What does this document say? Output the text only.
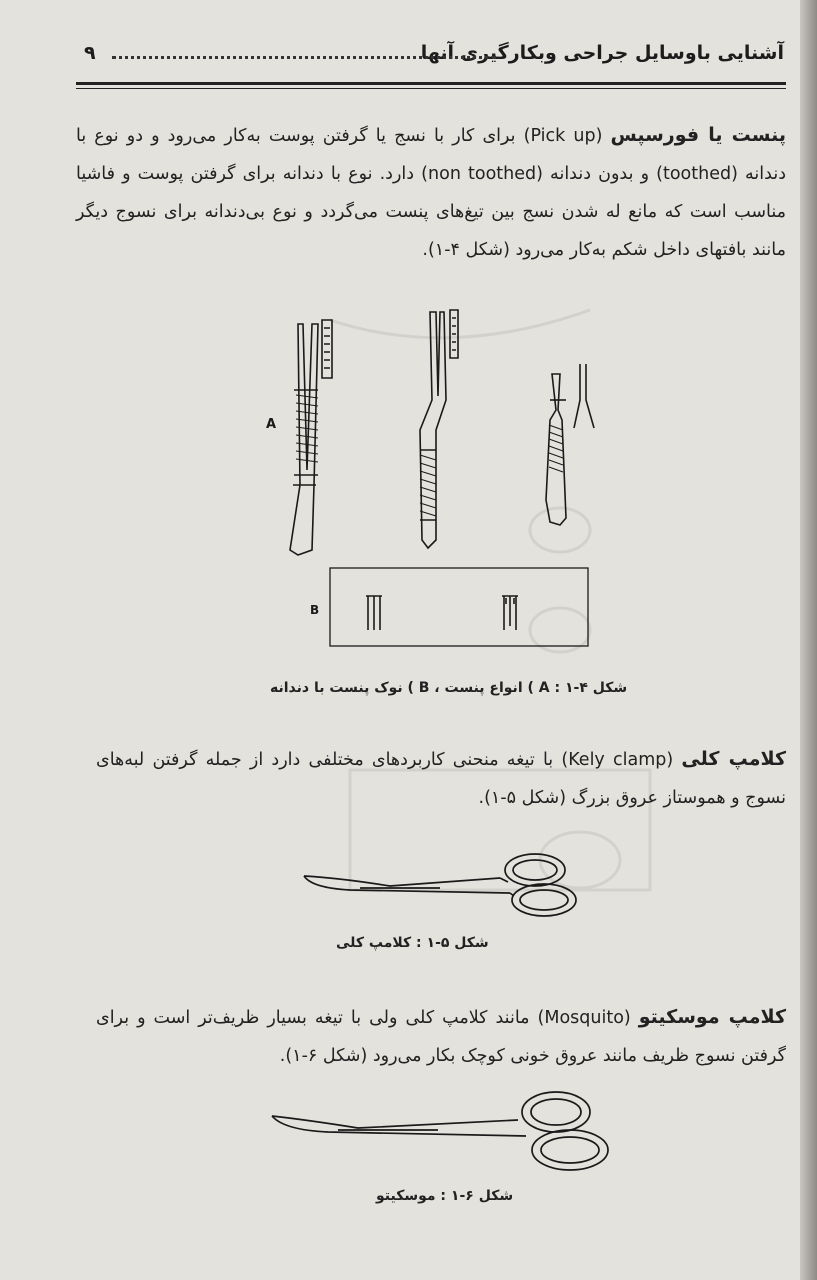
آشنایی باوسایل جراحی وبکارگیری آنها
۹
پنست یا فورسپس (Pick up) برای کار با نسج یا گرفتن پوست به‌کار می‌رود و دو نوع با دندانه (toothed) و بدون دندانه (non toothed) دارد. نوع با دندانه برای گرفتن پوست و فاشیا مناسب است که مانع له شدن نسج بین تیغ‌های پنست می‌گردد و نوع بی‌دندانه برای نسوج دیگر مانند بافتهای داخل شکم به‌کار می‌رود (شکل ۴-۱).
A
B
شکل ۴-۱ : A ) انواع پنست ، B ) نوک پنست با دندانه
کلامپ کلی (Kely clamp) با تیغه منحنی کاربردهای مختلفی دارد از جمله گرفتن لبه‌های نسوج و هموستاز عروق بزرگ (شکل ۵-۱).
شکل ۵-۱ : کلامپ کلی
کلامپ موسکیتو (Mosquito) مانند کلامپ کلی ولی با تیغه بسیار ظریف‌تر است و برای گرفتن نسوج ظریف مانند عروق خونی کوچک بکار می‌رود (شکل ۶-۱).
شکل ۶-۱ : موسکیتو
